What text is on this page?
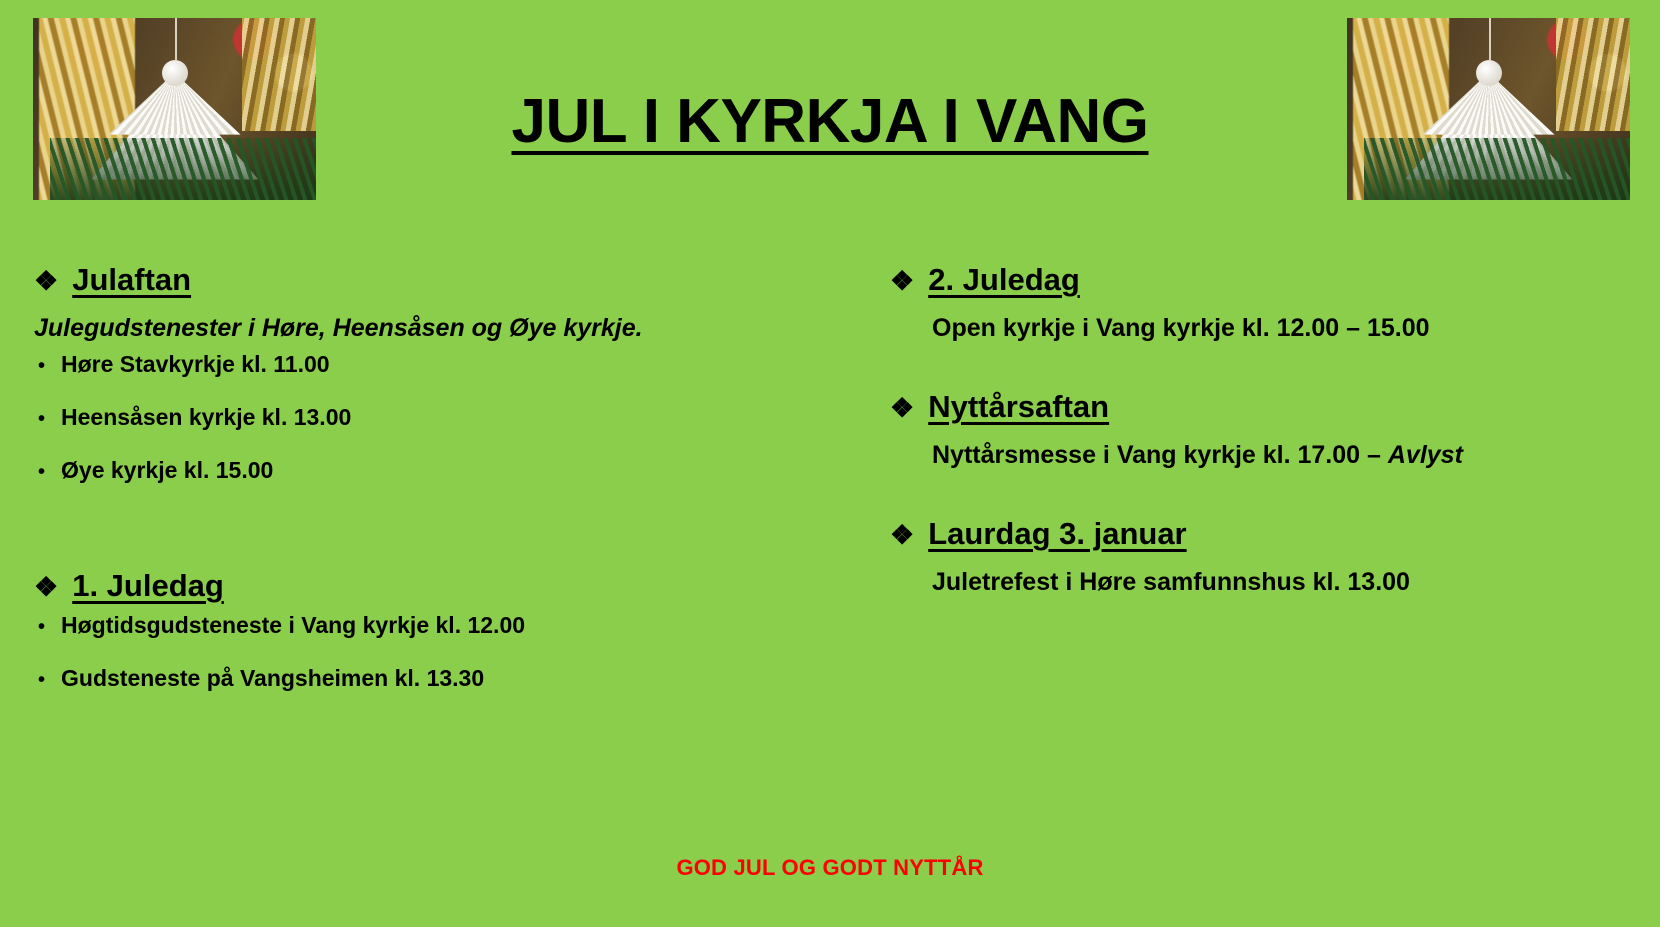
JUL I KYRKJA I VANG
❖ Julaftan
Julegudstenester i Høre, Heensåsen og Øye kyrkje.
• Høre Stavkyrkje kl. 11.00
• Heensåsen kyrkje kl. 13.00
• Øye kyrkje kl. 15.00
❖ 1. Juledag
• Høgtidsgudsteneste i Vang kyrkje kl. 12.00
• Gudsteneste på Vangsheimen kl. 13.30
❖ 2. Juledag
Open kyrkje i Vang kyrkje kl. 12.00 – 15.00
❖ Nyttårsaftan
Nyttårsmesse i Vang kyrkje kl. 17.00 – Avlyst
❖ Laurdag 3. januar
Juletrefest i Høre samfunnshus kl. 13.00
GOD JUL OG GODT NYTTÅR
